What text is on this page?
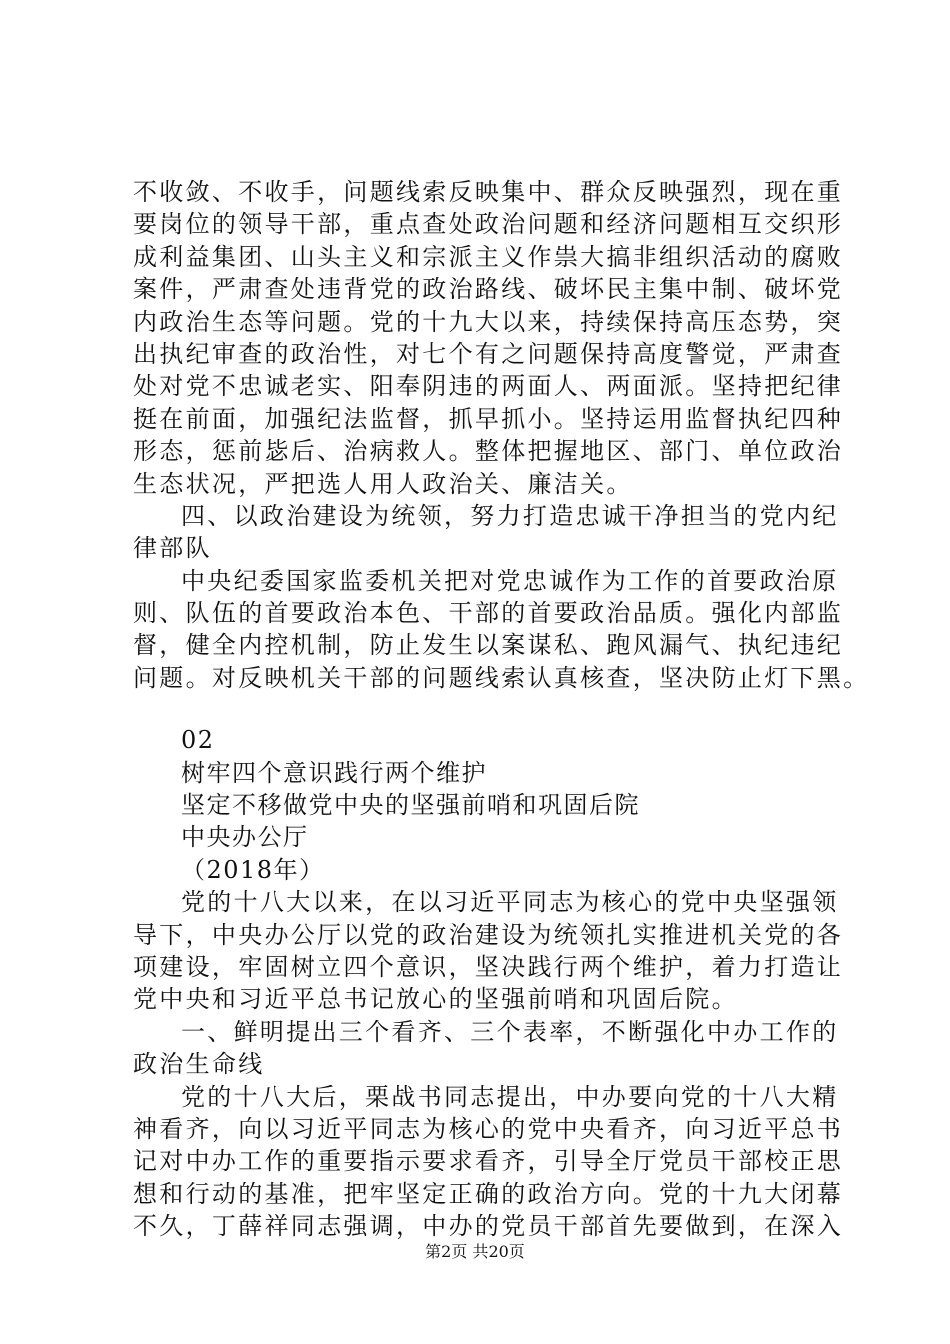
不收敛、不收手，问题线索反映集中、群众反映强烈，现在重
要岗位的领导干部，重点查处政治问题和经济问题相互交织形
成利益集团、山头主义和宗派主义作祟大搞非组织活动的腐败
案件，严肃查处违背党的政治路线、破坏民主集中制、破坏党
内政治生态等问题。党的十九大以来，持续保持高压态势，突
出执纪审查的政治性，对七个有之问题保持高度警觉，严肃查
处对党不忠诚老实、阳奉阴违的两面人、两面派。坚持把纪律
挺在前面，加强纪法监督，抓早抓小。坚持运用监督执纪四种
形态，惩前毖后、治病救人。整体把握地区、部门、单位政治
生态状况，严把选人用人政治关、廉洁关。
四、以政治建设为统领，努力打造忠诚干净担当的党内纪
律部队
中央纪委国家监委机关把对党忠诚作为工作的首要政治原
则、队伍的首要政治本色、干部的首要政治品质。强化内部监
督，健全内控机制，防止发生以案谋私、跑风漏气、执纪违纪
问题。对反映机关干部的问题线索认真核查，坚决防止灯下黑。
02
树牢四个意识践行两个维护
坚定不移做党中央的坚强前哨和巩固后院
中央办公厅
（2018年）
党的十八大以来，在以习近平同志为核心的党中央坚强领
导下，中央办公厅以党的政治建设为统领扎实推进机关党的各
项建设，牢固树立四个意识，坚决践行两个维护，着力打造让
党中央和习近平总书记放心的坚强前哨和巩固后院。
一、鲜明提出三个看齐、三个表率，不断强化中办工作的
政治生命线
党的十八大后，栗战书同志提出，中办要向党的十八大精
神看齐，向以习近平同志为核心的党中央看齐，向习近平总书
记对中办工作的重要指示要求看齐，引导全厅党员干部校正思
想和行动的基准，把牢坚定正确的政治方向。党的十九大闭幕
不久，丁薛祥同志强调，中办的党员干部首先要做到，在深入
第2页 共20页
